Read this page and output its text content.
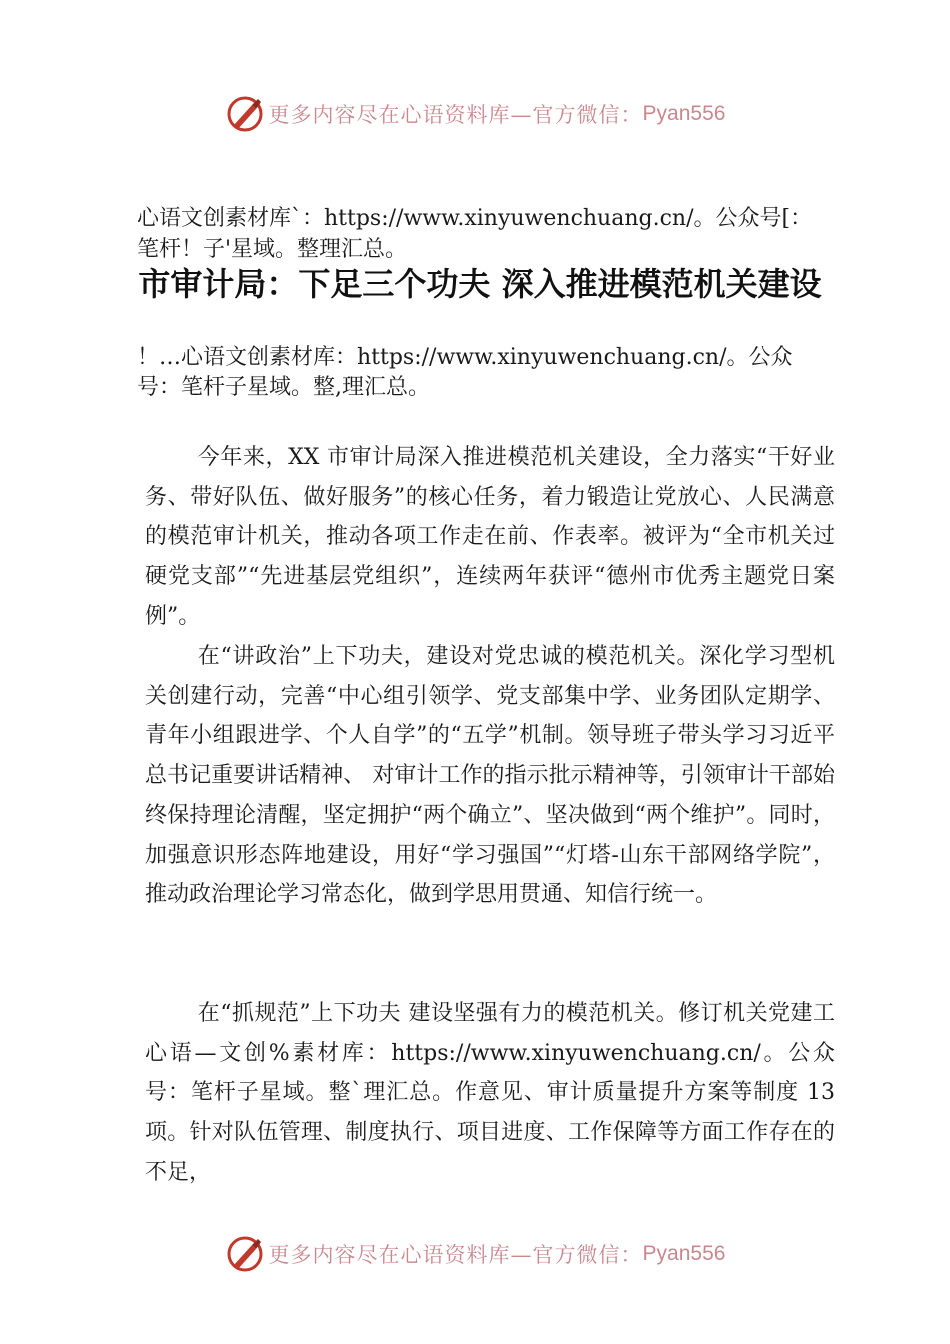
更多内容尽在心语资料库—官方微信： Pyan556
心语文创素材库`：https://www.xinyuwenchuang.cn/。公众号[：笔杆！子'星域。整理汇总。
市审计局：下足三个功夫 深入推进模范机关建设
！…心语文创素材库：https://www.xinyuwenchuang.cn/。公众号：笔杆子星域。整,理汇总。

今年来，XX 市审计局深入推进模范机关建设，全力落实“干好业务、带好队伍、做好服务”的核心任务，着力锻造让党放心、人民满意的模范审计机关，推动各项工作走在前、作表率。被评为“全市机关过硬党支部”“先进基层党组织”，连续两年获评“德州市优秀主题党日案例”。

在“讲政治”上下功夫，建设对党忠诚的模范机关。深化学习型机关创建行动，完善“中心组引领学、党支部集中学、业务团队定期学、青年小组跟进学、个人自学”的“五学”机制。领导班子带头学习习近平总书记重要讲话精神、 对审计工作的指示批示精神等，引领审计干部始终保持理论清醒，坚定拥护“两个确立”、坚决做到“两个维护”。同时， 加强意识形态阵地建设，用好“学习强国”“灯塔-山东干部网络学院”，推动政治理论学习常态化，做到学思用贯通、知信行统一。

在“抓规范”上下功夫 建设坚强有力的模范机关。修订机关党建工心语—文创%素材库：https://www.xinyuwenchuang.cn/。公众号：笔杆子星域。整`理汇总。作意见、审计质量提升方案等制度 13 项。针对队伍管理、制度执行、项目进度、工作保障等方面工作存在的不足，

更多内容尽在心语资料库—官方微信： Pyan556
